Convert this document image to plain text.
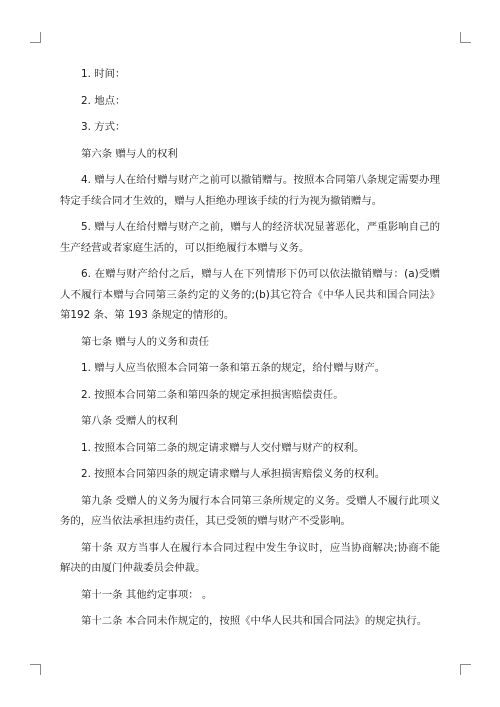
1. 时间：

2. 地点：

3. 方式：

第六条 赠与人的权利

4. 赠与人在给付赠与财产之前可以撤销赠与。按照本合同第八条规定需要办理特定手续合同才生效的，赠与人拒绝办理该手续的行为视为撤销赠与。

5. 赠与人在给付赠与财产之前，赠与人的经济状况显著恶化，严重影响自己的生产经营或者家庭生活的，可以拒绝履行本赠与义务。

6. 在赠与财产给付之后，赠与人在下列情形下仍可以依法撤销赠与：(a)受赠人不履行本赠与合同第三条约定的义务的;(b)其它符合《中华人民共和国合同法》第192 条、第 193 条规定的情形的。

第七条 赠与人的义务和责任

1. 赠与人应当依照本合同第一条和第五条的规定，给付赠与财产。

2. 按照本合同第二条和第四条的规定承担损害赔偿责任。

第八条 受赠人的权利

1. 按照本合同第二条的规定请求赠与人交付赠与财产的权利。

2. 按照本合同第四条的规定请求赠与人承担损害赔偿义务的权利。

第九条 受赠人的义务为履行本合同第三条所规定的义务。受赠人不履行此项义务的，应当依法承担违约责任，其已受领的赠与财产不受影响。

第十条 双方当事人在履行本合同过程中发生争议时，应当协商解决;协商不能解决的由厦门仲裁委员会仲裁。

第十一条 其他约定事项： 。

第十二条 本合同未作规定的，按照《中华人民共和国合同法》的规定执行。
